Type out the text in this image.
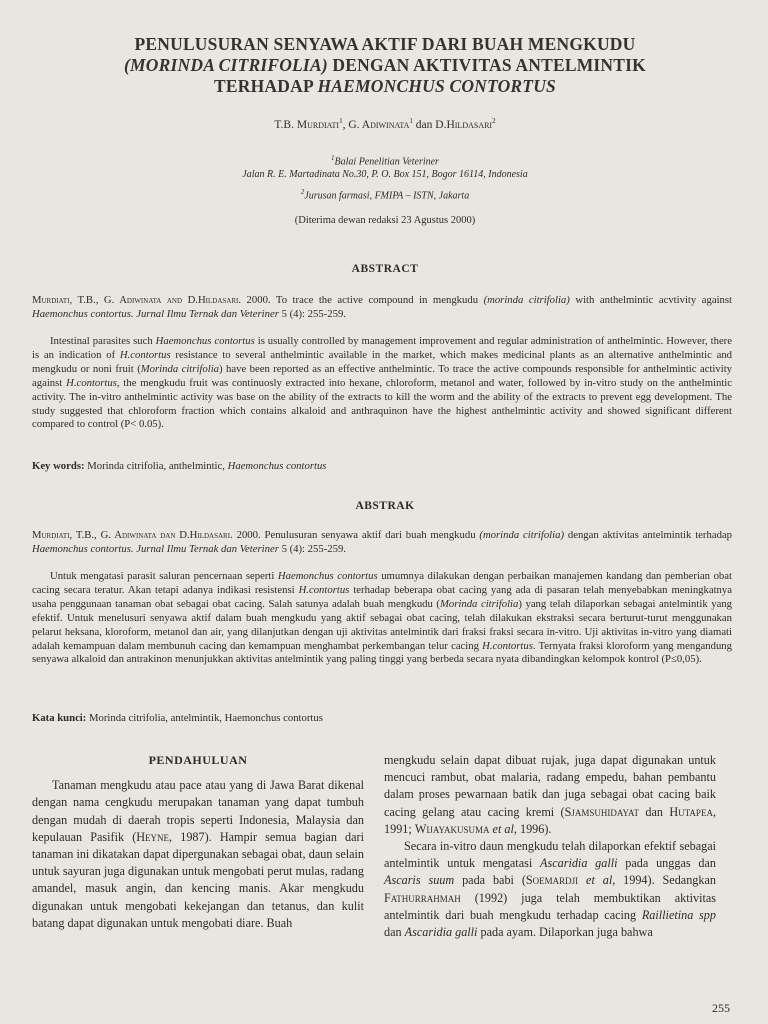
PENULUSURAN SENYAWA AKTIF DARI BUAH MENGKUDU
(MORINDA CITRIFOLIA) DENGAN AKTIVITAS ANTELMINTIK
TERHADAP HAEMONCHUS CONTORTUS
T.B. Murdiati$^1$, G. Adiwinata$^1$ dan D.Hildasari$^2$
$^1$Balai Penelitian Veteriner
Jalan R. E. Martadinata No.30, P. O. Box 151, Bogor 16114, Indonesia
$^2$Jurusan farmasi, FMIPA – ISTN, Jakarta
(Diterima dewan redaksi 23 Agustus 2000)
ABSTRACT
Murdiati, T.B., G. Adiwinata and D.Hildasari. 2000. To trace the active compound in mengkudu (morinda citrifolia) with anthelmintic acvtivity against Haemonchus contortus. Jurnal Ilmu Ternak dan Veteriner 5 (4): 255-259.
Intestinal parasites such Haemonchus contortus is usually controlled by management improvement and regular administration of anthelmintic. However, there is an indication of H.contortus resistance to several anthelmintic available in the market, which makes medicinal plants as an alternative anthelmintic and mengkudu or noni fruit (Morinda citrifolia) have been reported as an effective anthelmintic. To trace the active compounds responsible for anthelmintic activity against H.contortus, the mengkudu fruit was continuosly extracted into hexane, chloroform, metanol and water, followed by in-vitro study on the anthelmintic activity. The in-vitro anthelmintic activity was base on the ability of the extracts to kill the worm and the ability of the extracts to prevent egg development. The study suggested that chloroform fraction which contains alkaloid and anthraquinon have the highest anthelmintic activity and showed significant different compared to control (P< 0.05).
Key words: Morinda citrifolia, anthelmintic, Haemonchus contortus
ABSTRAK
Murdiati, T.B., G. Adiwinata dan D.Hildasari. 2000. Penulusuran senyawa aktif dari buah mengkudu (morinda citrifolia) dengan aktivitas antelmintik terhadap Haemonchus contortus. Jurnal Ilmu Ternak dan Veteriner 5 (4): 255-259.
Untuk mengatasi parasit saluran pencernaan seperti Haemonchus contortus umumnya dilakukan dengan perbaikan manajemen kandang dan pemberian obat cacing secara teratur. Akan tetapi adanya indikasi resistensi H.contortus terhadap beberapa obat cacing yang ada di pasaran telah menyebabkan meningkatnya usaha penggunaan tanaman obat sebagai obat cacing. Salah satunya adalah buah mengkudu (Morinda citrifolia) yang telah dilaporkan sebagai antelmintik yang efektif. Untuk menelusuri senyawa aktif dalam buah mengkudu yang aktif sebagai obat cacing, telah dilakukan ekstraksi secara berturut-turut menggunakan pelarut heksana, kloroform, metanol dan air, yang dilanjutkan dengan uji aktivitas antelmintik dari fraksi fraksi secara in-vitro. Uji aktivitas in-vitro yang diamati adalah kemampuan dalam membunuh cacing dan kemampuan menghambat perkembangan telur cacing H.contortus. Ternyata fraksi kloroform yang mengandung senyawa alkaloid dan antrakinon menunjukkan aktivitas antelmintik yang paling tinggi yang berbeda secara nyata dibandingkan kelompok kontrol (P≤0,05).
Kata kunci: Morinda citrifolia, antelmintik, Haemonchus contortus
PENDAHULUAN

Tanaman mengkudu atau pace atau yang di Jawa Barat dikenal dengan nama cengkudu merupakan tanaman yang dapat tumbuh dengan mudah di daerah tropis seperti Indonesia, Malaysia dan kepulauan Pasifik (Heyne, 1987). Hampir semua bagian dari tanaman ini dikatakan dapat dipergunakan sebagai obat, daun selain untuk sayuran juga digunakan untuk mengobati perut mulas, radang amandel, masuk angin, dan kencing manis. Akar mengkudu digunakan untuk mengobati kekejangan dan tetanus, dan kulit batang dapat digunakan untuk mengobati diare. Buah

mengkudu selain dapat dibuat rujak, juga dapat digunakan untuk mencuci rambut, obat malaria, radang empedu, bahan pembantu dalam proses pewarnaan batik dan juga sebagai obat cacing baik cacing gelang atau cacing kremi (Sjamsuhidayat dan Hutapea, 1991; Wijayakusuma et al, 1996).

Secara in-vitro daun mengkudu telah dilaporkan efektif sebagai antelmintik untuk mengatasi Ascaridia galli pada unggas dan Ascaris suum pada babi (Soemardji et al, 1994). Sedangkan Fathurrahmah (1992) juga telah membuktikan aktivitas antelmintik dari buah mengkudu terhadap cacing Raillietina spp dan Ascaridia galli pada ayam. Dilaporkan juga bahwa

255
